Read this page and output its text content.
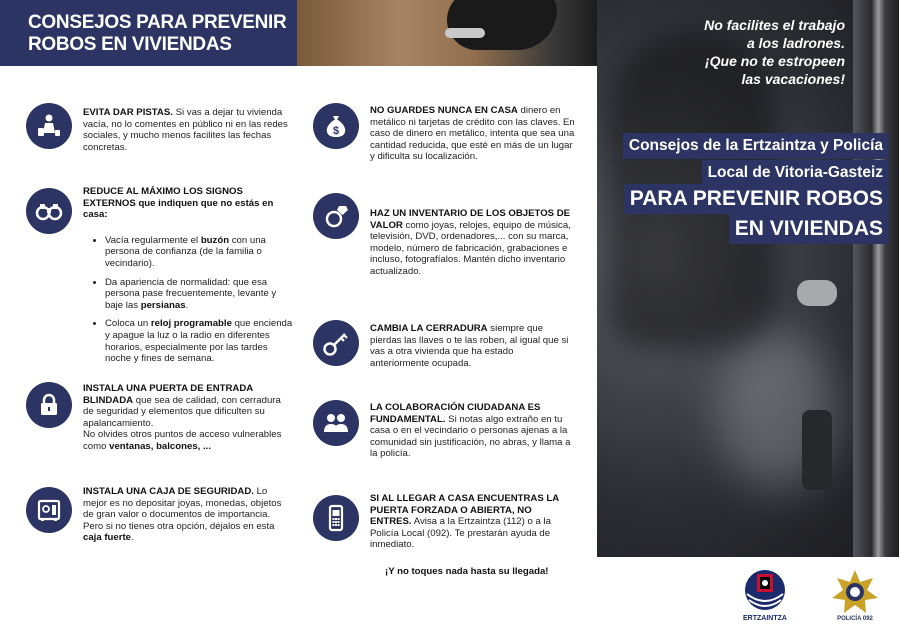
CONSEJOS PARA PREVENIR
ROBOS EN VIVIENDAS
No facilites el trabajo
a los ladrones.
¡Que no te estropeen
las vacaciones!
Consejos de la Ertzaintza y Policía
Local de Vitoria-Gasteiz
PARA PREVENIR ROBOS
EN VIVIENDAS
ERTZAINTZA	POLICÍA 092
EVITA DAR PISTAS. Si vas a dejar tu vivienda vacía, no lo comentes en público ni en las redes sociales, y mucho menos facilites las fechas concretas.
REDUCE AL MÁXIMO LOS SIGNOS EXTERNOS que indiquen que no estás en casa:
• Vacía regularmente el buzón con una persona de confianza (de la familia o vecindario).
• Da apariencia de normalidad: que esa persona pase frecuentemente, levante y baje las persianas.
• Coloca un reloj programable que encienda y apague la luz o la radio en diferentes horarios, especialmente por las tardes noche y fines de semana.
INSTALA UNA PUERTA DE ENTRADA BLINDADA que sea de calidad, con cerradura de seguridad y elementos que dificulten su apalancamiento.
No olvides otros puntos de acceso vulnerables como ventanas, balcones, ...
INSTALA UNA CAJA DE SEGURIDAD. Lo mejor es no depositar joyas, monedas, objetos de gran valor o documentos de importancia. Pero si no tienes otra opción, déjalos en esta caja fuerte.
$
NO GUARDES NUNCA EN CASA dinero en metálico ni tarjetas de crédito con las claves. En caso de dinero en metálico, intenta que sea una cantidad reducida, que esté en más de un lugar y dificulta su localización.
HAZ UN INVENTARIO DE LOS OBJETOS DE VALOR como joyas, relojes, equipo de música, televisión, DVD, ordenadores,... con su marca, modelo, número de fabricación, grabaciones e incluso, fotografíalos. Mantén dicho inventario actualizado.
CAMBIA LA CERRADURA siempre que pierdas las llaves o te las roben, al igual que si vas a otra vivienda que ha estado anteriormente ocupada.
LA COLABORACIÓN CIUDADANA ES FUNDAMENTAL. Si notas algo extraño en tu casa o en el vecindario o personas ajenas a la comunidad sin justificación, no abras, y llama a la policía.
SI AL LLEGAR A CASA ENCUENTRAS LA PUERTA FORZADA O ABIERTA, NO ENTRES. Avisa a la Ertzaintza (112) o a la Policía Local (092). Te prestarán ayuda de inmediato.
¡Y no toques nada hasta su llegada!
